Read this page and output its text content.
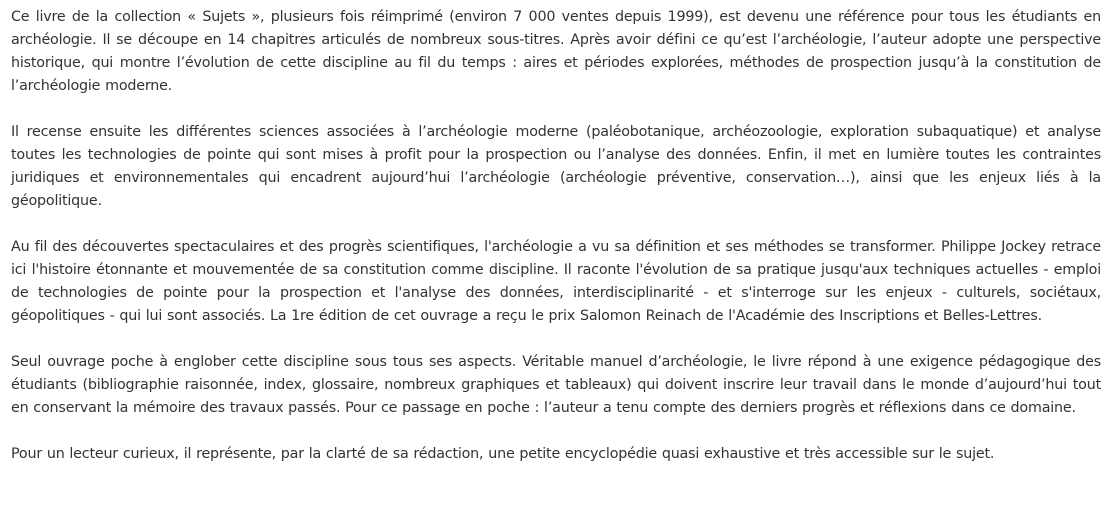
Ce livre de la collection « Sujets », plusieurs fois réimprimé (environ 7 000 ventes depuis 1999), est devenu une référence pour tous les étudiants en archéologie. Il se découpe en 14 chapitres articulés de nombreux sous-titres. Après avoir défini ce qu’est l’archéologie, l’auteur adopte une perspective historique, qui montre l’évolution de cette discipline au fil du temps : aires et périodes explorées, méthodes de prospection jusqu’à la constitution de l’archéologie moderne.

Il recense ensuite les différentes sciences associées à l’archéologie moderne (paléobotanique, archéozoologie, exploration subaquatique) et analyse toutes les technologies de pointe qui sont mises à profit pour la prospection ou l’analyse des données. Enfin, il met en lumière toutes les contraintes juridiques et environnementales qui encadrent aujourd’hui l’archéologie (archéologie préventive, conservation…), ainsi que les enjeux liés à la géopolitique.

Au fil des découvertes spectaculaires et des progrès scientifiques, l'archéologie a vu sa définition et ses méthodes se transformer. Philippe Jockey retrace ici l'histoire étonnante et mouvementée de sa constitution comme discipline. Il raconte l'évolution de sa pratique jusqu'aux techniques actuelles - emploi de technologies de pointe pour la prospection et l'analyse des données, interdisciplinarité - et s'interroge sur les enjeux - culturels, sociétaux, géopolitiques - qui lui sont associés. La 1re édition de cet ouvrage a reçu le prix Salomon Reinach de l'Académie des Inscriptions et Belles-Lettres.

Seul ouvrage poche à englober cette discipline sous tous ses aspects. Véritable manuel d’archéologie, le livre répond à une exigence pédagogique des étudiants (bibliographie raisonnée, index, glossaire, nombreux graphiques et tableaux) qui doivent inscrire leur travail dans le monde d’aujourd’hui tout en conservant la mémoire des travaux passés. Pour ce passage en poche : l’auteur a tenu compte des derniers progrès et réflexions dans ce domaine.

Pour un lecteur curieux, il représente, par la clarté de sa rédaction, une petite encyclopédie quasi exhaustive et très accessible sur le sujet.
